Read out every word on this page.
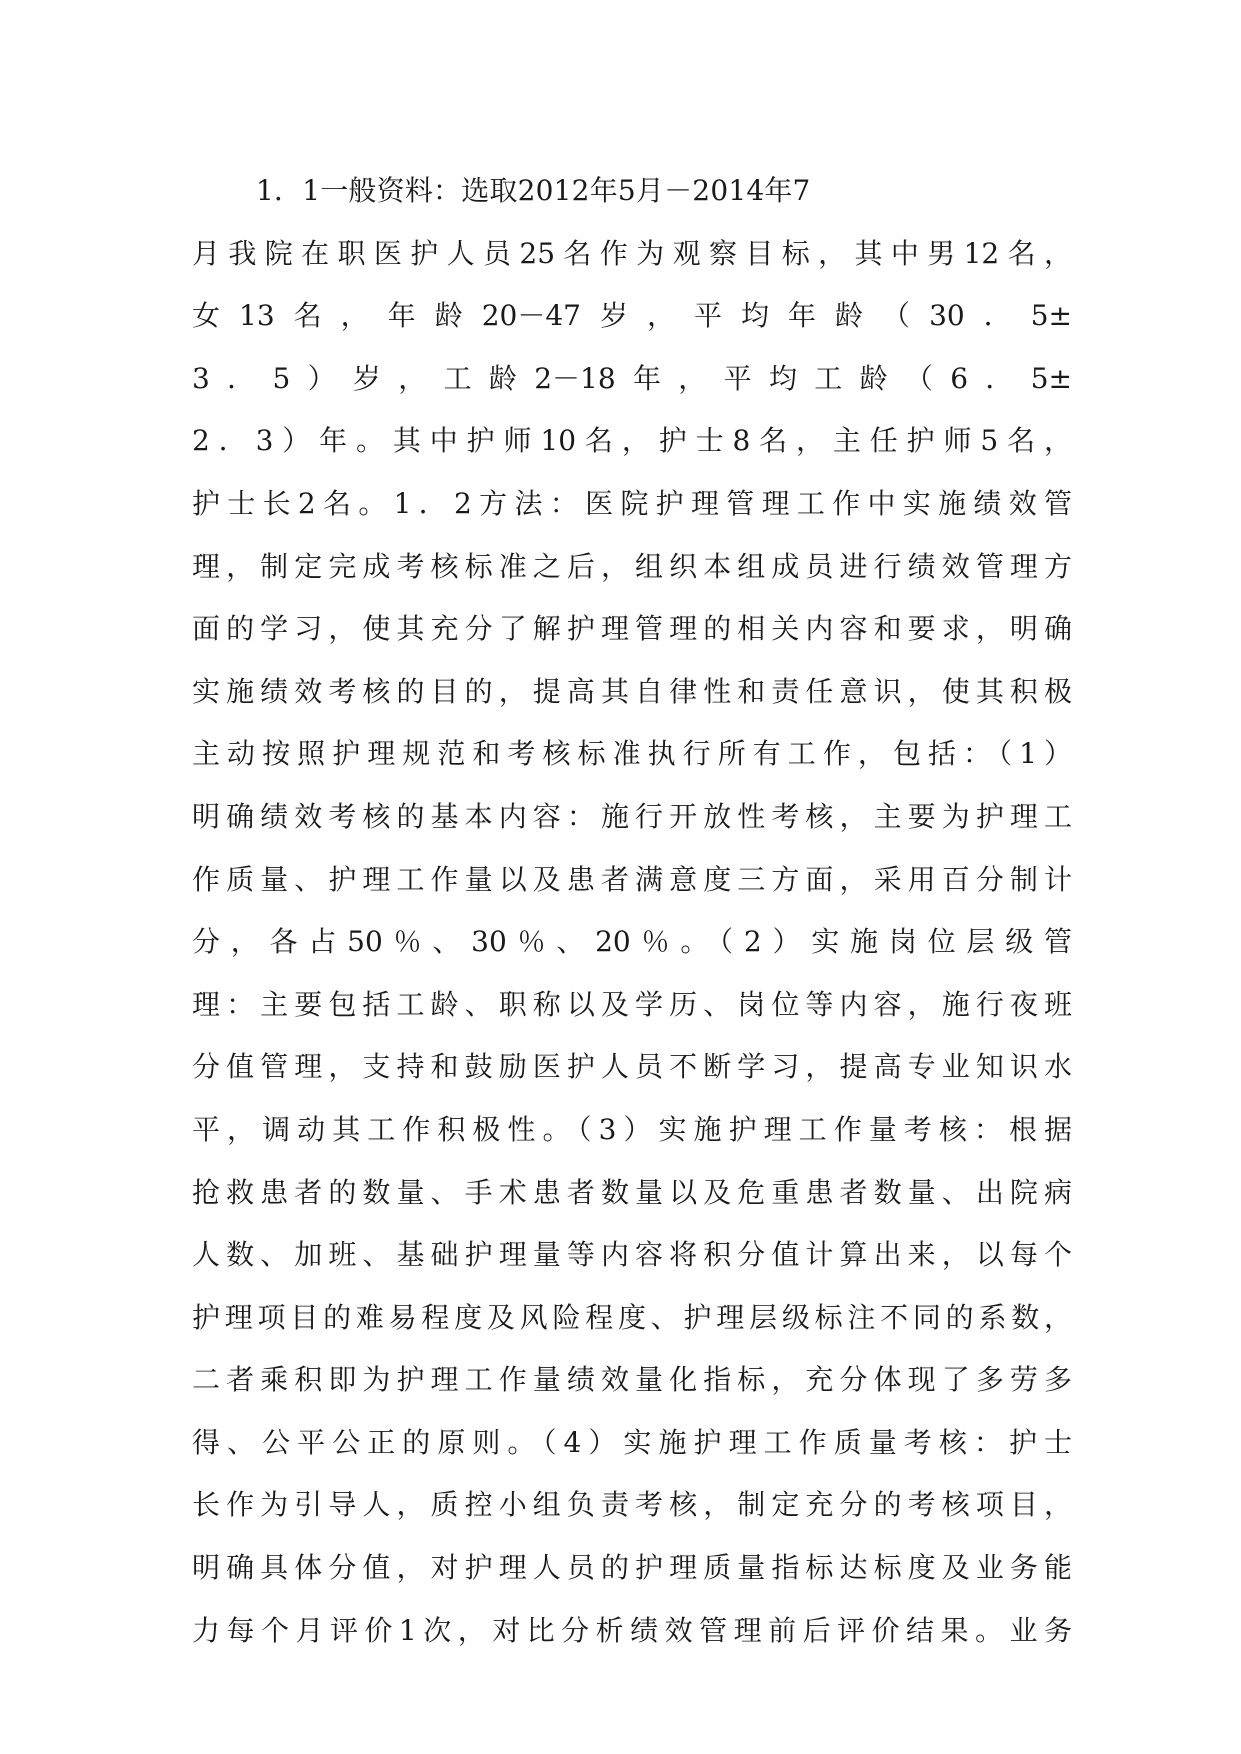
1．1一般资料：选取2012年5月－2014年7
月我院在职医护人员25名作为观察目标，其中男12名，
女13名，年龄20－47岁，平均年龄（30．5±
3．5）岁，工龄2－18年，平均工龄（6．5±
2．3）年。其中护师10名，护士8名，主任护师5名，
护士长2名。1．2方法：医院护理管理工作中实施绩效管
理，制定完成考核标准之后，组织本组成员进行绩效管理方
面的学习，使其充分了解护理管理的相关内容和要求，明确
实施绩效考核的目的，提高其自律性和责任意识，使其积极
主动按照护理规范和考核标准执行所有工作，包括：（1）
明确绩效考核的基本内容：施行开放性考核，主要为护理工
作质量、护理工作量以及患者满意度三方面，采用百分制计
分，各占50％、30％、20％。（2）实施岗位层级管
理：主要包括工龄、职称以及学历、岗位等内容，施行夜班
分值管理，支持和鼓励医护人员不断学习，提高专业知识水
平，调动其工作积极性。（3）实施护理工作量考核：根据
抢救患者的数量、手术患者数量以及危重患者数量、出院病
人数、加班、基础护理量等内容将积分值计算出来，以每个
护理项目的难易程度及风险程度、护理层级标注不同的系数，
二者乘积即为护理工作量绩效量化指标，充分体现了多劳多
得、公平公正的原则。（4）实施护理工作质量考核：护士
长作为引导人，质控小组负责考核，制定充分的考核项目，
明确具体分值，对护理人员的护理质量指标达标度及业务能
力每个月评价1次，对比分析绩效管理前后评价结果。业务
